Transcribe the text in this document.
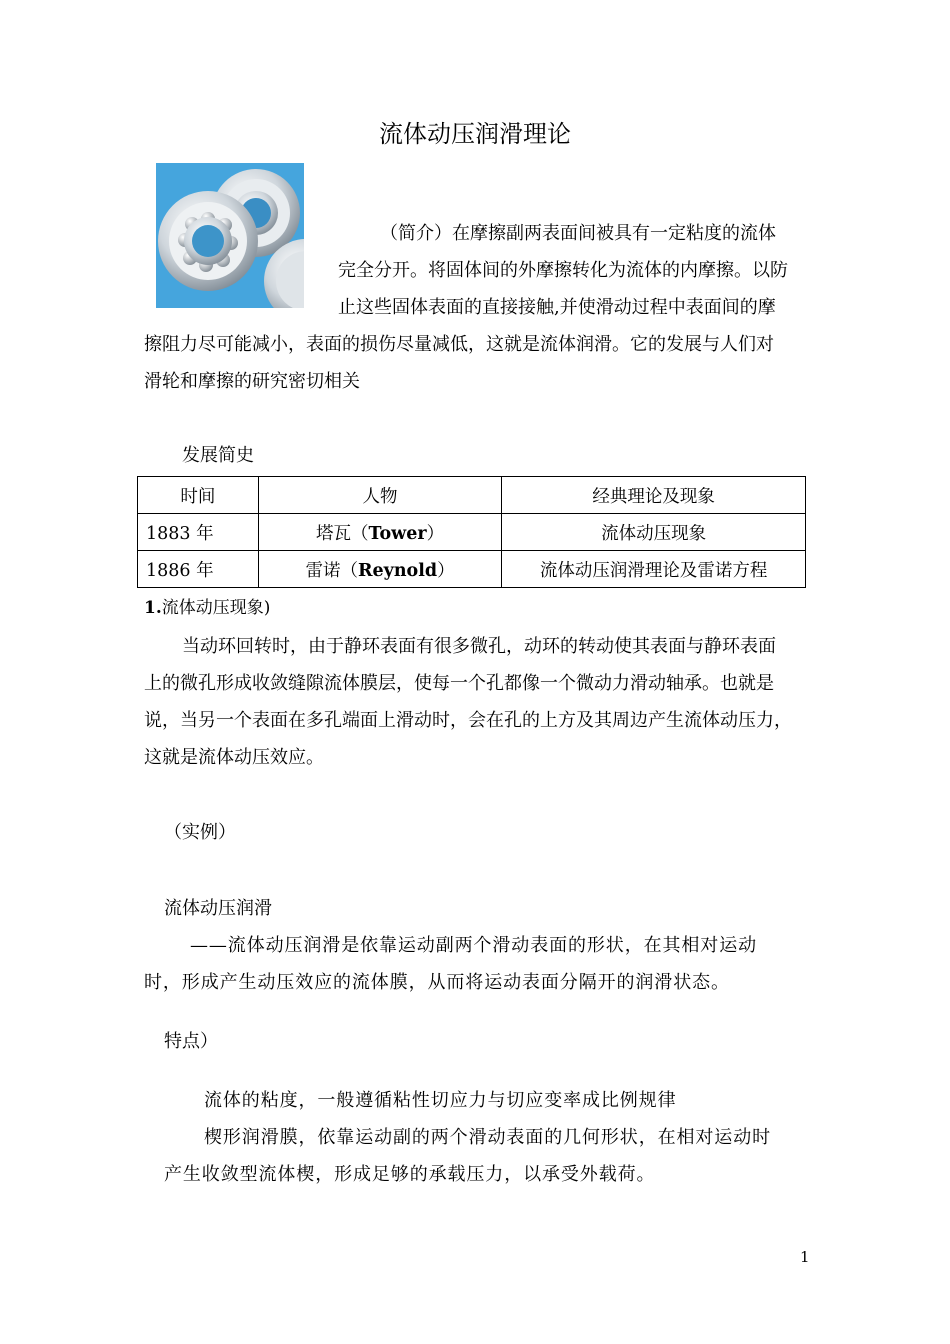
流体动压润滑理论
（简介）在摩擦副两表面间被具有一定粘度的流体
完全分开。将固体间的外摩擦转化为流体的内摩擦。以防
止这些固体表面的直接接触,并使滑动过程中表面间的摩
擦阻力尽可能减小，表面的损伤尽量减低，这就是流体润滑。它的发展与人们对
滑轮和摩擦的研究密切相关
发展简史
时间	人物	经典理论及现象
1883 年	塔瓦（Tower）	流体动压现象
1886 年	雷诺（Reynold）	流体动压润滑理论及雷诺方程
1.流体动压现象)
当动环回转时，由于静环表面有很多微孔，动环的转动使其表面与静环表面
上的微孔形成收敛缝隙流体膜层，使每一个孔都像一个微动力滑动轴承。也就是
说，当另一个表面在多孔端面上滑动时，会在孔的上方及其周边产生流体动压力，
这就是流体动压效应。
（实例）
流体动压润滑
——流体动压润滑是依靠运动副两个滑动表面的形状，在其相对运动
时，形成产生动压效应的流体膜，从而将运动表面分隔开的润滑状态。
特点）
流体的粘度，一般遵循粘性切应力与切应变率成比例规律
楔形润滑膜，依靠运动副的两个滑动表面的几何形状，在相对运动时
产生收敛型流体楔，形成足够的承载压力，以承受外载荷。
1
